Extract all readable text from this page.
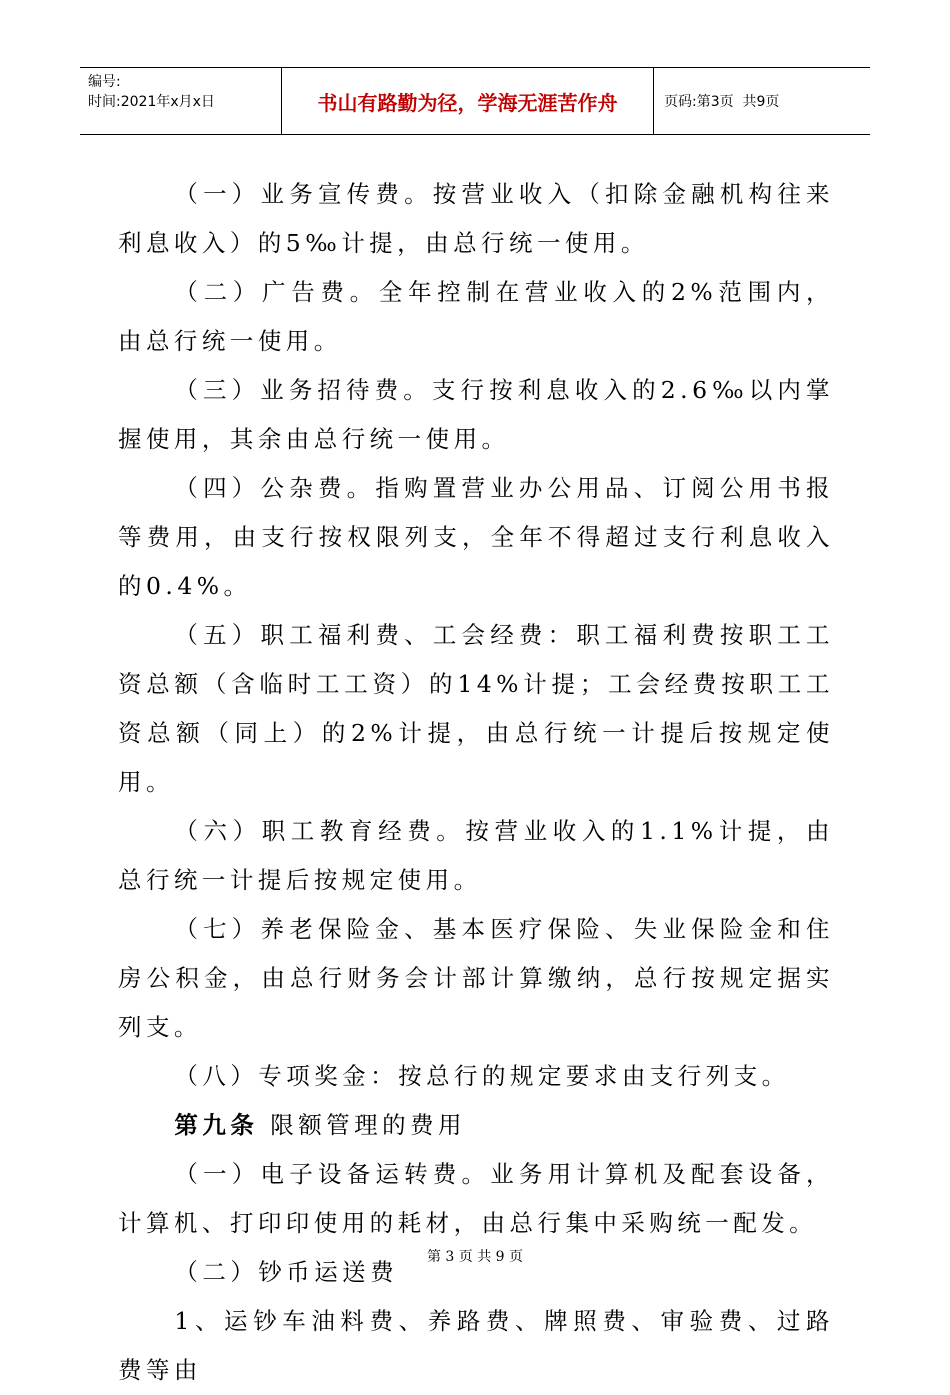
编号:
时间:2021年x月x日	书山有路勤为径，学海无涯苦作舟	页码:第3页  共9页

（一）业务宣传费。按营业收入（扣除金融机构往来利息收入）的5‰计提，由总行统一使用。

（二）广告费。全年控制在营业收入的2%范围内，由总行统一使用。

（三）业务招待费。支行按利息收入的2.6‰以内掌握使用，其余由总行统一使用。

（四）公杂费。指购置营业办公用品、订阅公用书报等费用，由支行按权限列支，全年不得超过支行利息收入的0.4%。

（五）职工福利费、工会经费：职工福利费按职工工资总额（含临时工工资）的14%计提；工会经费按职工工资总额（同上）的2%计提，由总行统一计提后按规定使用。

（六）职工教育经费。按营业收入的1.1%计提，由总行统一计提后按规定使用。

（七）养老保险金、基本医疗保险、失业保险金和住房公积金，由总行财务会计部计算缴纳，总行按规定据实列支。

（八）专项奖金：按总行的规定要求由支行列支。

第九条 限额管理的费用

（一）电子设备运转费。业务用计算机及配套设备，计算机、打印印使用的耗材，由总行集中采购统一配发。

（二）钞币运送费

1、运钞车油料费、养路费、牌照费、审验费、过路费等由

第 3 页 共 9 页
